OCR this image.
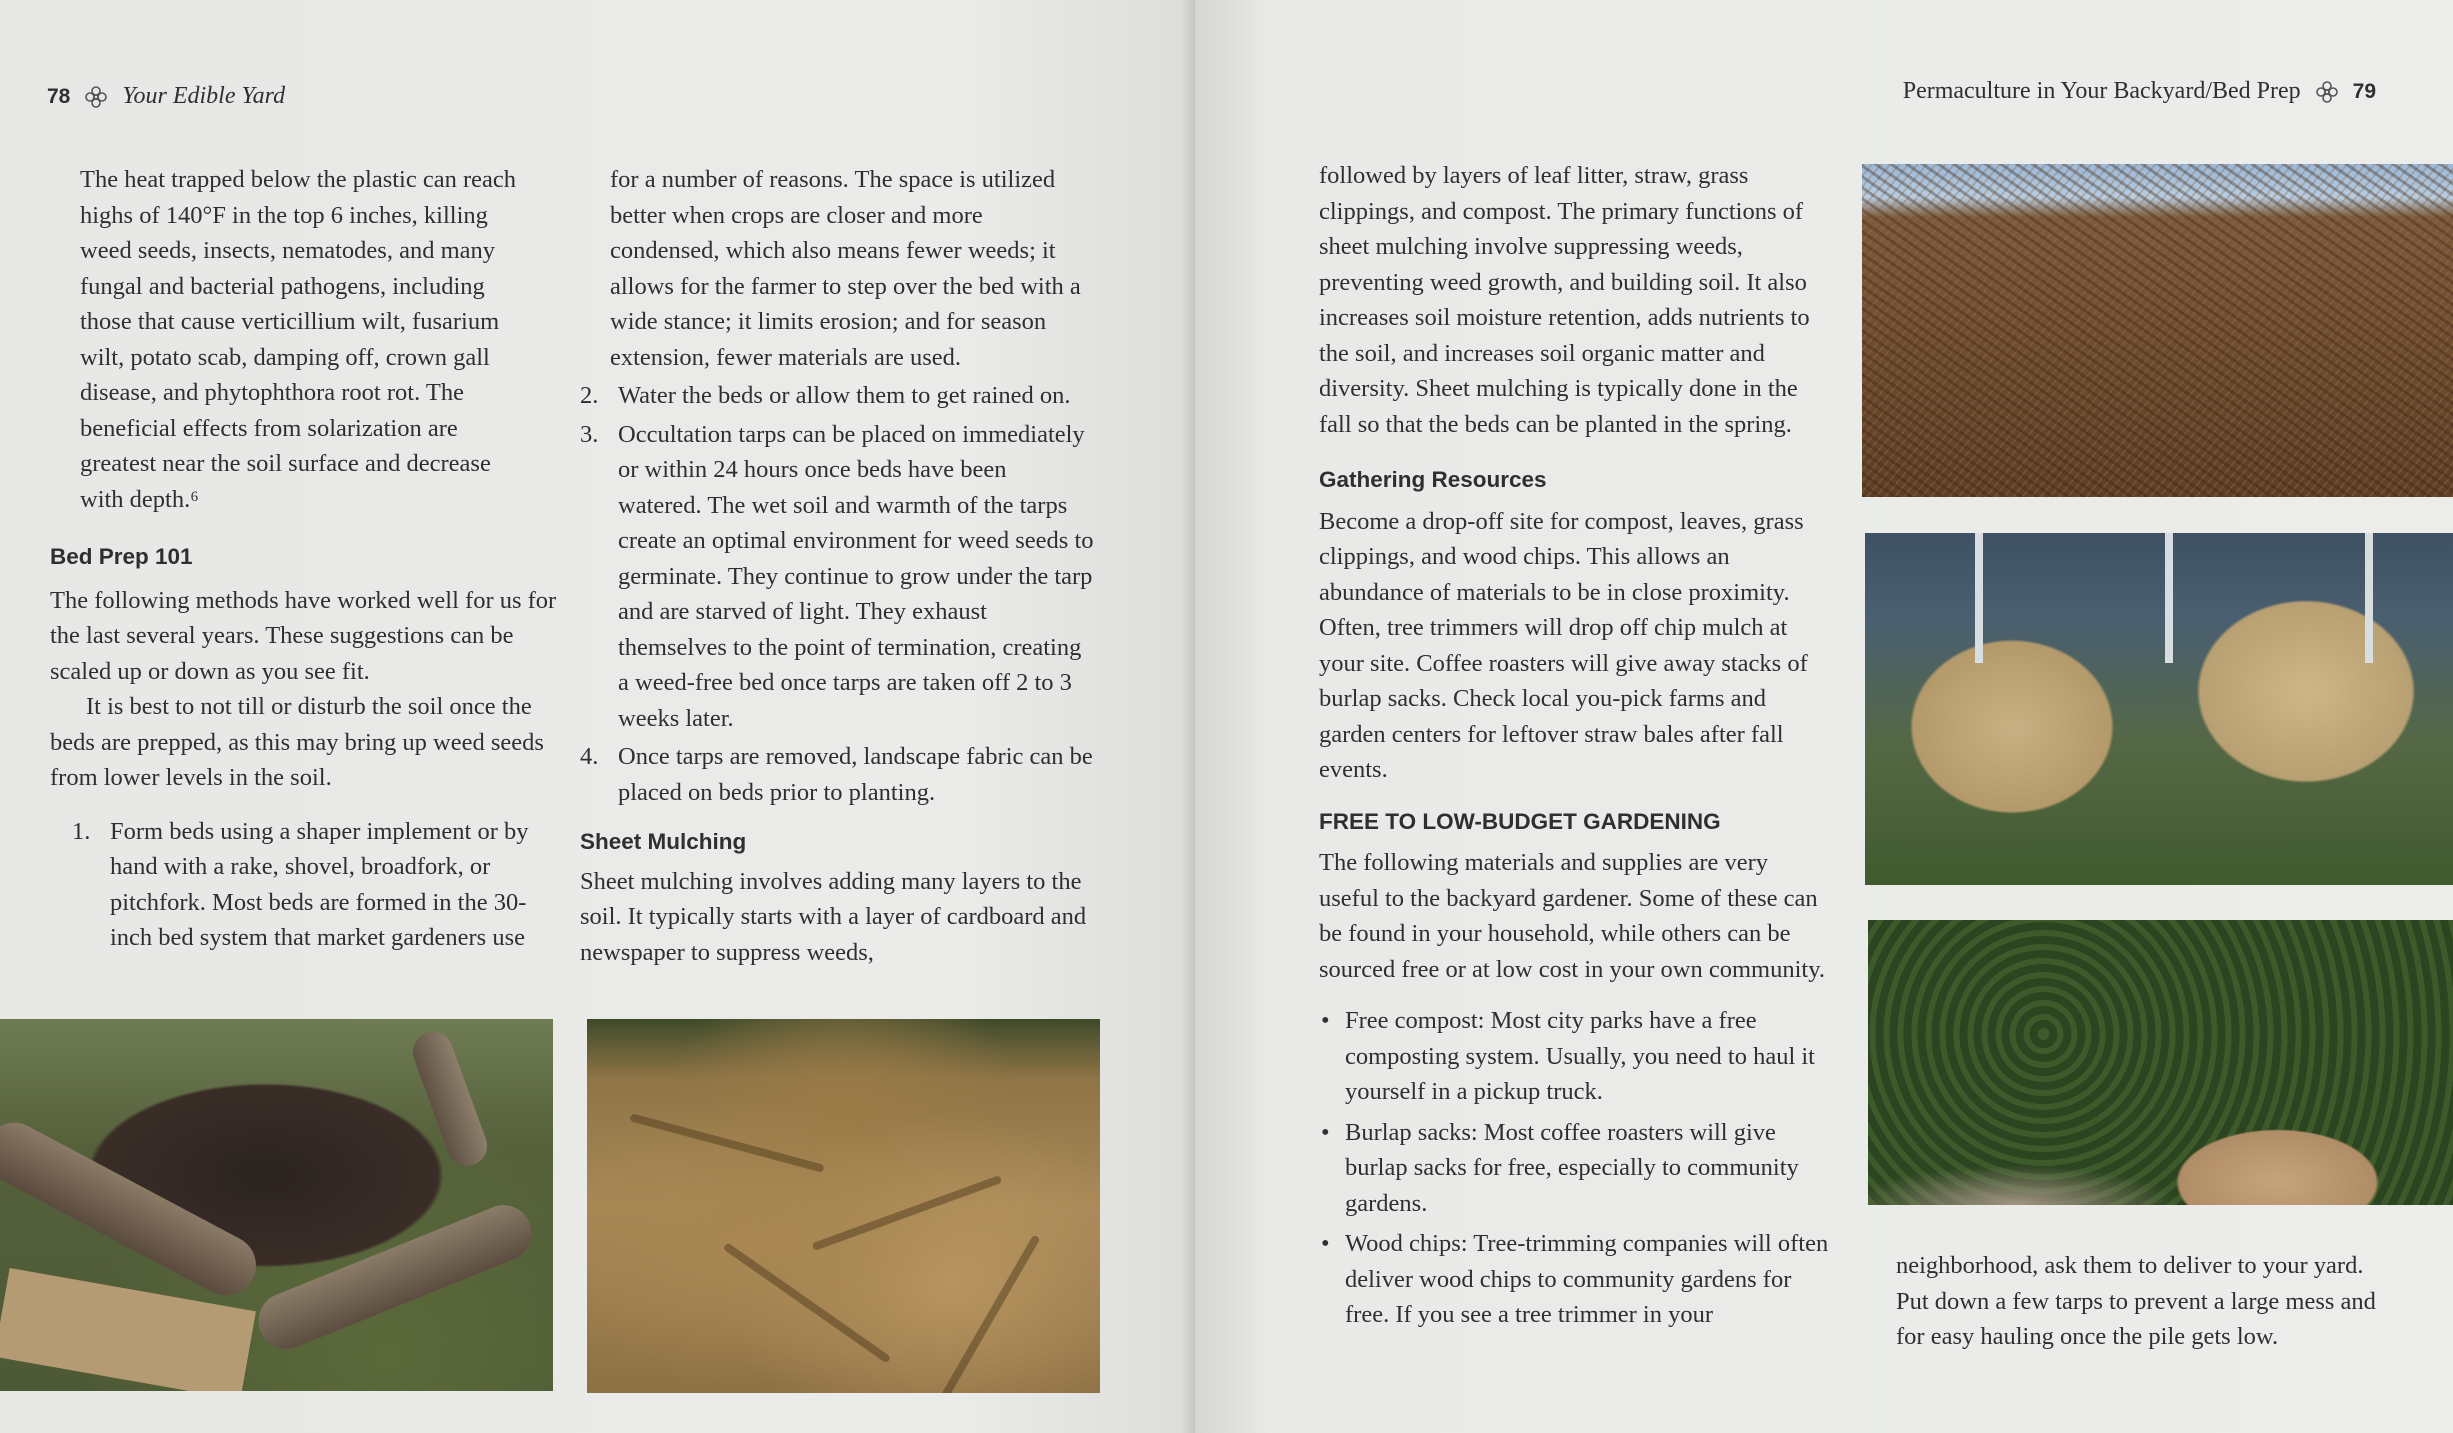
78 Your Edible Yard

The heat trapped below the plastic can reach highs of 140°F in the top 6 inches, killing weed seeds, insects, nematodes, and many fungal and bacterial pathogens, including those that cause verticillium wilt, fusarium wilt, potato scab, damping off, crown gall disease, and phytophthora root rot. The beneficial effects from solarization are greatest near the soil surface and decrease with depth.⁶

Bed Prep 101

The following methods have worked well for us for the last several years. These suggestions can be scaled up or down as you see fit.

It is best to not till or disturb the soil once the beds are prepped, as this may bring up weed seeds from lower levels in the soil.

1. Form beds using a shaper implement or by hand with a rake, shovel, broadfork, or pitchfork. Most beds are formed in the 30-inch bed system that market gardeners use

for a number of reasons. The space is utilized better when crops are closer and more condensed, which also means fewer weeds; it allows for the farmer to step over the bed with a wide stance; it limits erosion; and for season extension, fewer materials are used.

2. Water the beds or allow them to get rained on.
3. Occultation tarps can be placed on immediately or within 24 hours once beds have been watered. The wet soil and warmth of the tarps create an optimal environment for weed seeds to germinate. They continue to grow under the tarp and are starved of light. They exhaust themselves to the point of termination, creating a weed-free bed once tarps are taken off 2 to 3 weeks later.
4. Once tarps are removed, landscape fabric can be placed on beds prior to planting.

Sheet Mulching

Sheet mulching involves adding many layers to the soil. It typically starts with a layer of cardboard and newspaper to suppress weeds,

Permaculture in Your Backyard/Bed Prep 79

followed by layers of leaf litter, straw, grass clippings, and compost. The primary functions of sheet mulching involve suppressing weeds, preventing weed growth, and building soil. It also increases soil moisture retention, adds nutrients to the soil, and increases soil organic matter and diversity. Sheet mulching is typically done in the fall so that the beds can be planted in the spring.

Gathering Resources

Become a drop-off site for compost, leaves, grass clippings, and wood chips. This allows an abundance of materials to be in close proximity. Often, tree trimmers will drop off chip mulch at your site. Coffee roasters will give away stacks of burlap sacks. Check local you-pick farms and garden centers for leftover straw bales after fall events.

FREE TO LOW-BUDGET GARDENING

The following materials and supplies are very useful to the backyard gardener. Some of these can be found in your household, while others can be sourced free or at low cost in your own community.

• Free compost: Most city parks have a free composting system. Usually, you need to haul it yourself in a pickup truck.
• Burlap sacks: Most coffee roasters will give burlap sacks for free, especially to community gardens.
• Wood chips: Tree-trimming companies will often deliver wood chips to community gardens for free. If you see a tree trimmer in your

neighborhood, ask them to deliver to your yard. Put down a few tarps to prevent a large mess and for easy hauling once the pile gets low.
